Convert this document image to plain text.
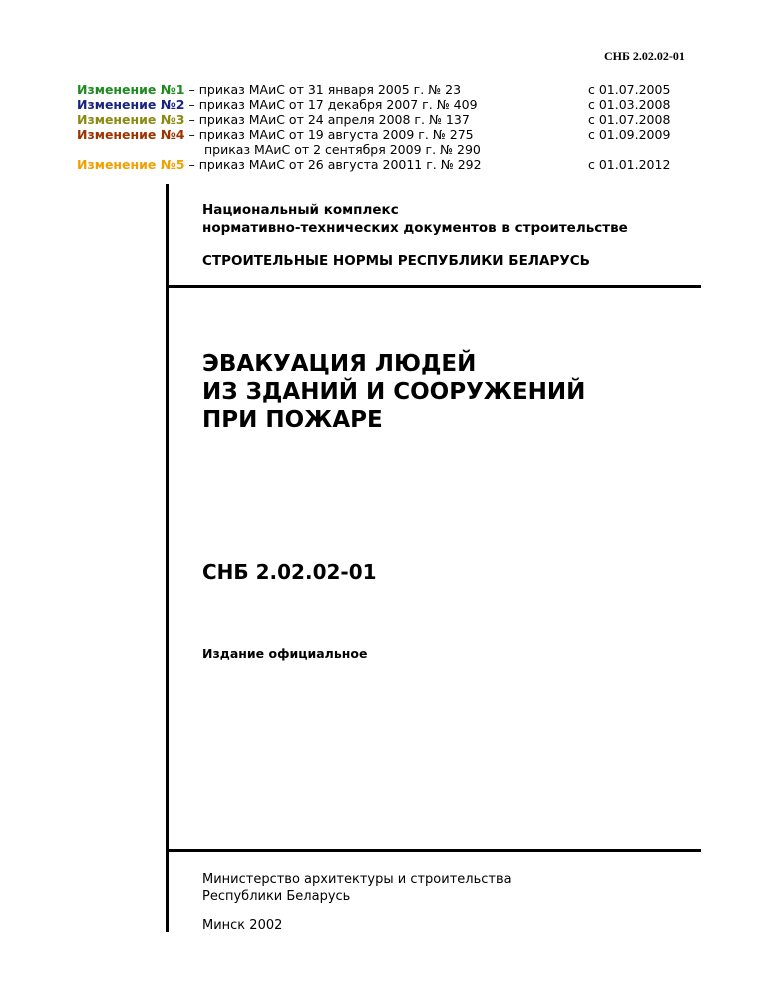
СНБ 2.02.02-01
Изменение №1 – приказ МАиС от 31 января 2005 г. № 23	с 01.07.2005
Изменение №2 – приказ МАиС от 17 декабря 2007 г. № 409	с 01.03.2008
Изменение №3 – приказ МАиС от 24 апреля 2008 г. № 137	с 01.07.2008
Изменение №4 – приказ МАиС от 19 августа 2009 г. № 275	с 01.09.2009
приказ МАиС от 2 сентября 2009 г. № 290
Изменение №5 – приказ МАиС от 26 августа 20011 г. № 292	с 01.01.2012
Национальный комплекс
нормативно-технических документов в строительстве
СТРОИТЕЛЬНЫЕ НОРМЫ РЕСПУБЛИКИ БЕЛАРУСЬ
ЭВАКУАЦИЯ ЛЮДЕЙ
ИЗ ЗДАНИЙ И СООРУЖЕНИЙ
ПРИ ПОЖАРЕ
СНБ 2.02.02-01
Издание официальное
Министерство архитектуры и строительства
Республики Беларусь
Минск 2002
